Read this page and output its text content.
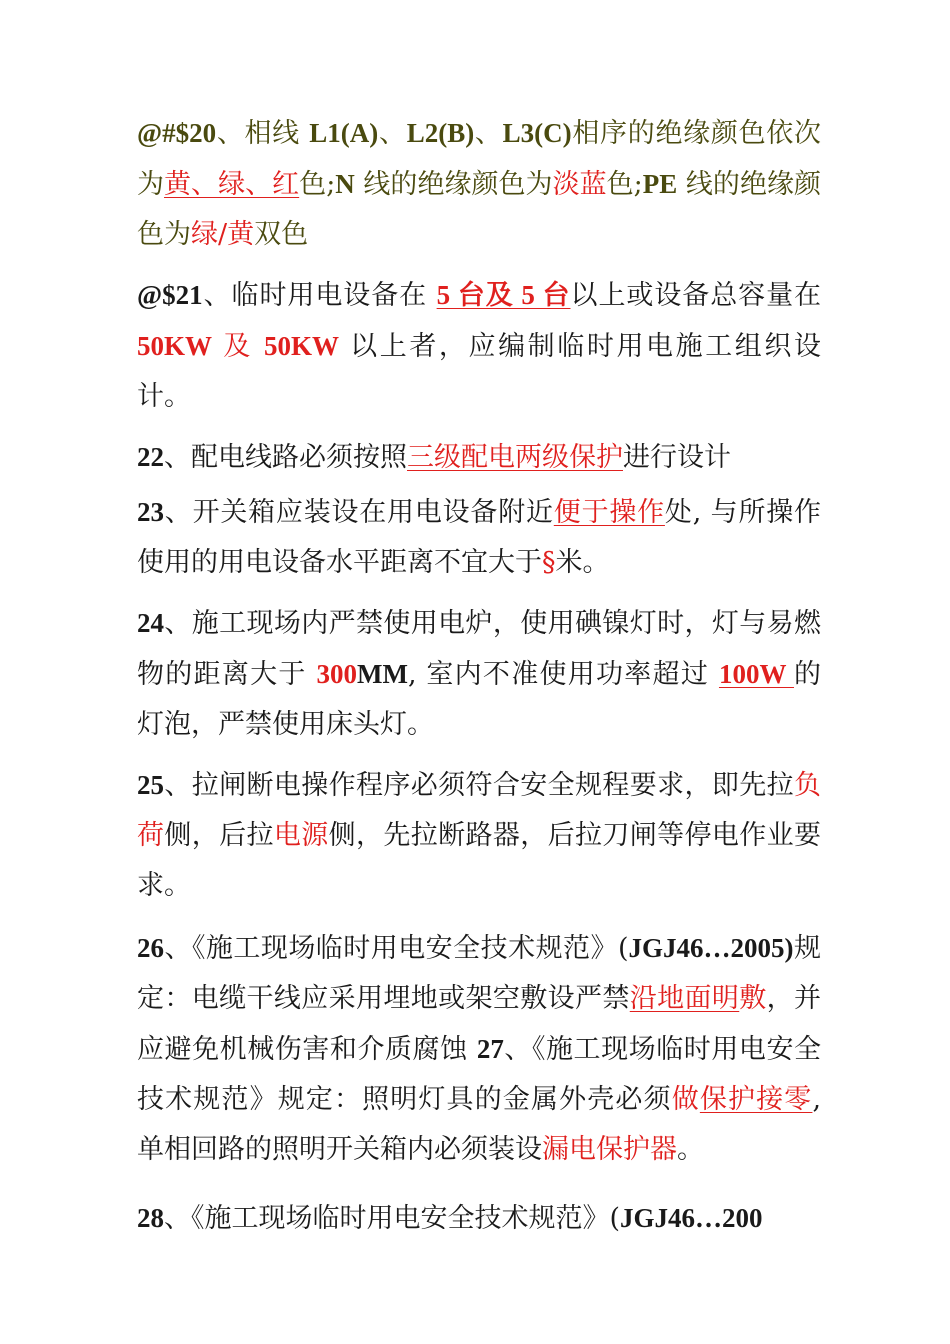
@#$20、相线 L1(A)、L2(B)、L3(C)相序的绝缘颜色依次为黄、绿、红色;N 线的绝缘颜色为淡蓝色;PE 线的绝缘颜色为绿/黄双色

@$21、临时用电设备在 5 台及 5 台以上或设备总容量在 50KW 及 50KW 以上者，应编制临时用电施工组织设计。

22、配电线路必须按照三级配电两级保护进行设计

23、开关箱应装设在用电设备附近便于操作处, 与所操作使用的用电设备水平距离不宜大于§米。

24、施工现场内严禁使用电炉，使用碘镍灯时，灯与易燃物的距离大于 300MM, 室内不准使用功率超过 100W 的灯泡，严禁使用床头灯。

25、拉闸断电操作程序必须符合安全规程要求，即先拉负荷侧，后拉电源侧，先拉断路器，后拉刀闸等停电作业要求。

26、《施工现场临时用电安全技术规范》(JGJ46…2005)规定：电缆干线应采用埋地或架空敷设严禁沿地面明敷，并应避免机械伤害和介质腐蚀 27、《施工现场临时用电安全技术规范》规定：照明灯具的金属外壳必须做保护接零, 单相回路的照明开关箱内必须装设漏电保护器。

28、《施工现场临时用电安全技术规范》(JGJ46…200
